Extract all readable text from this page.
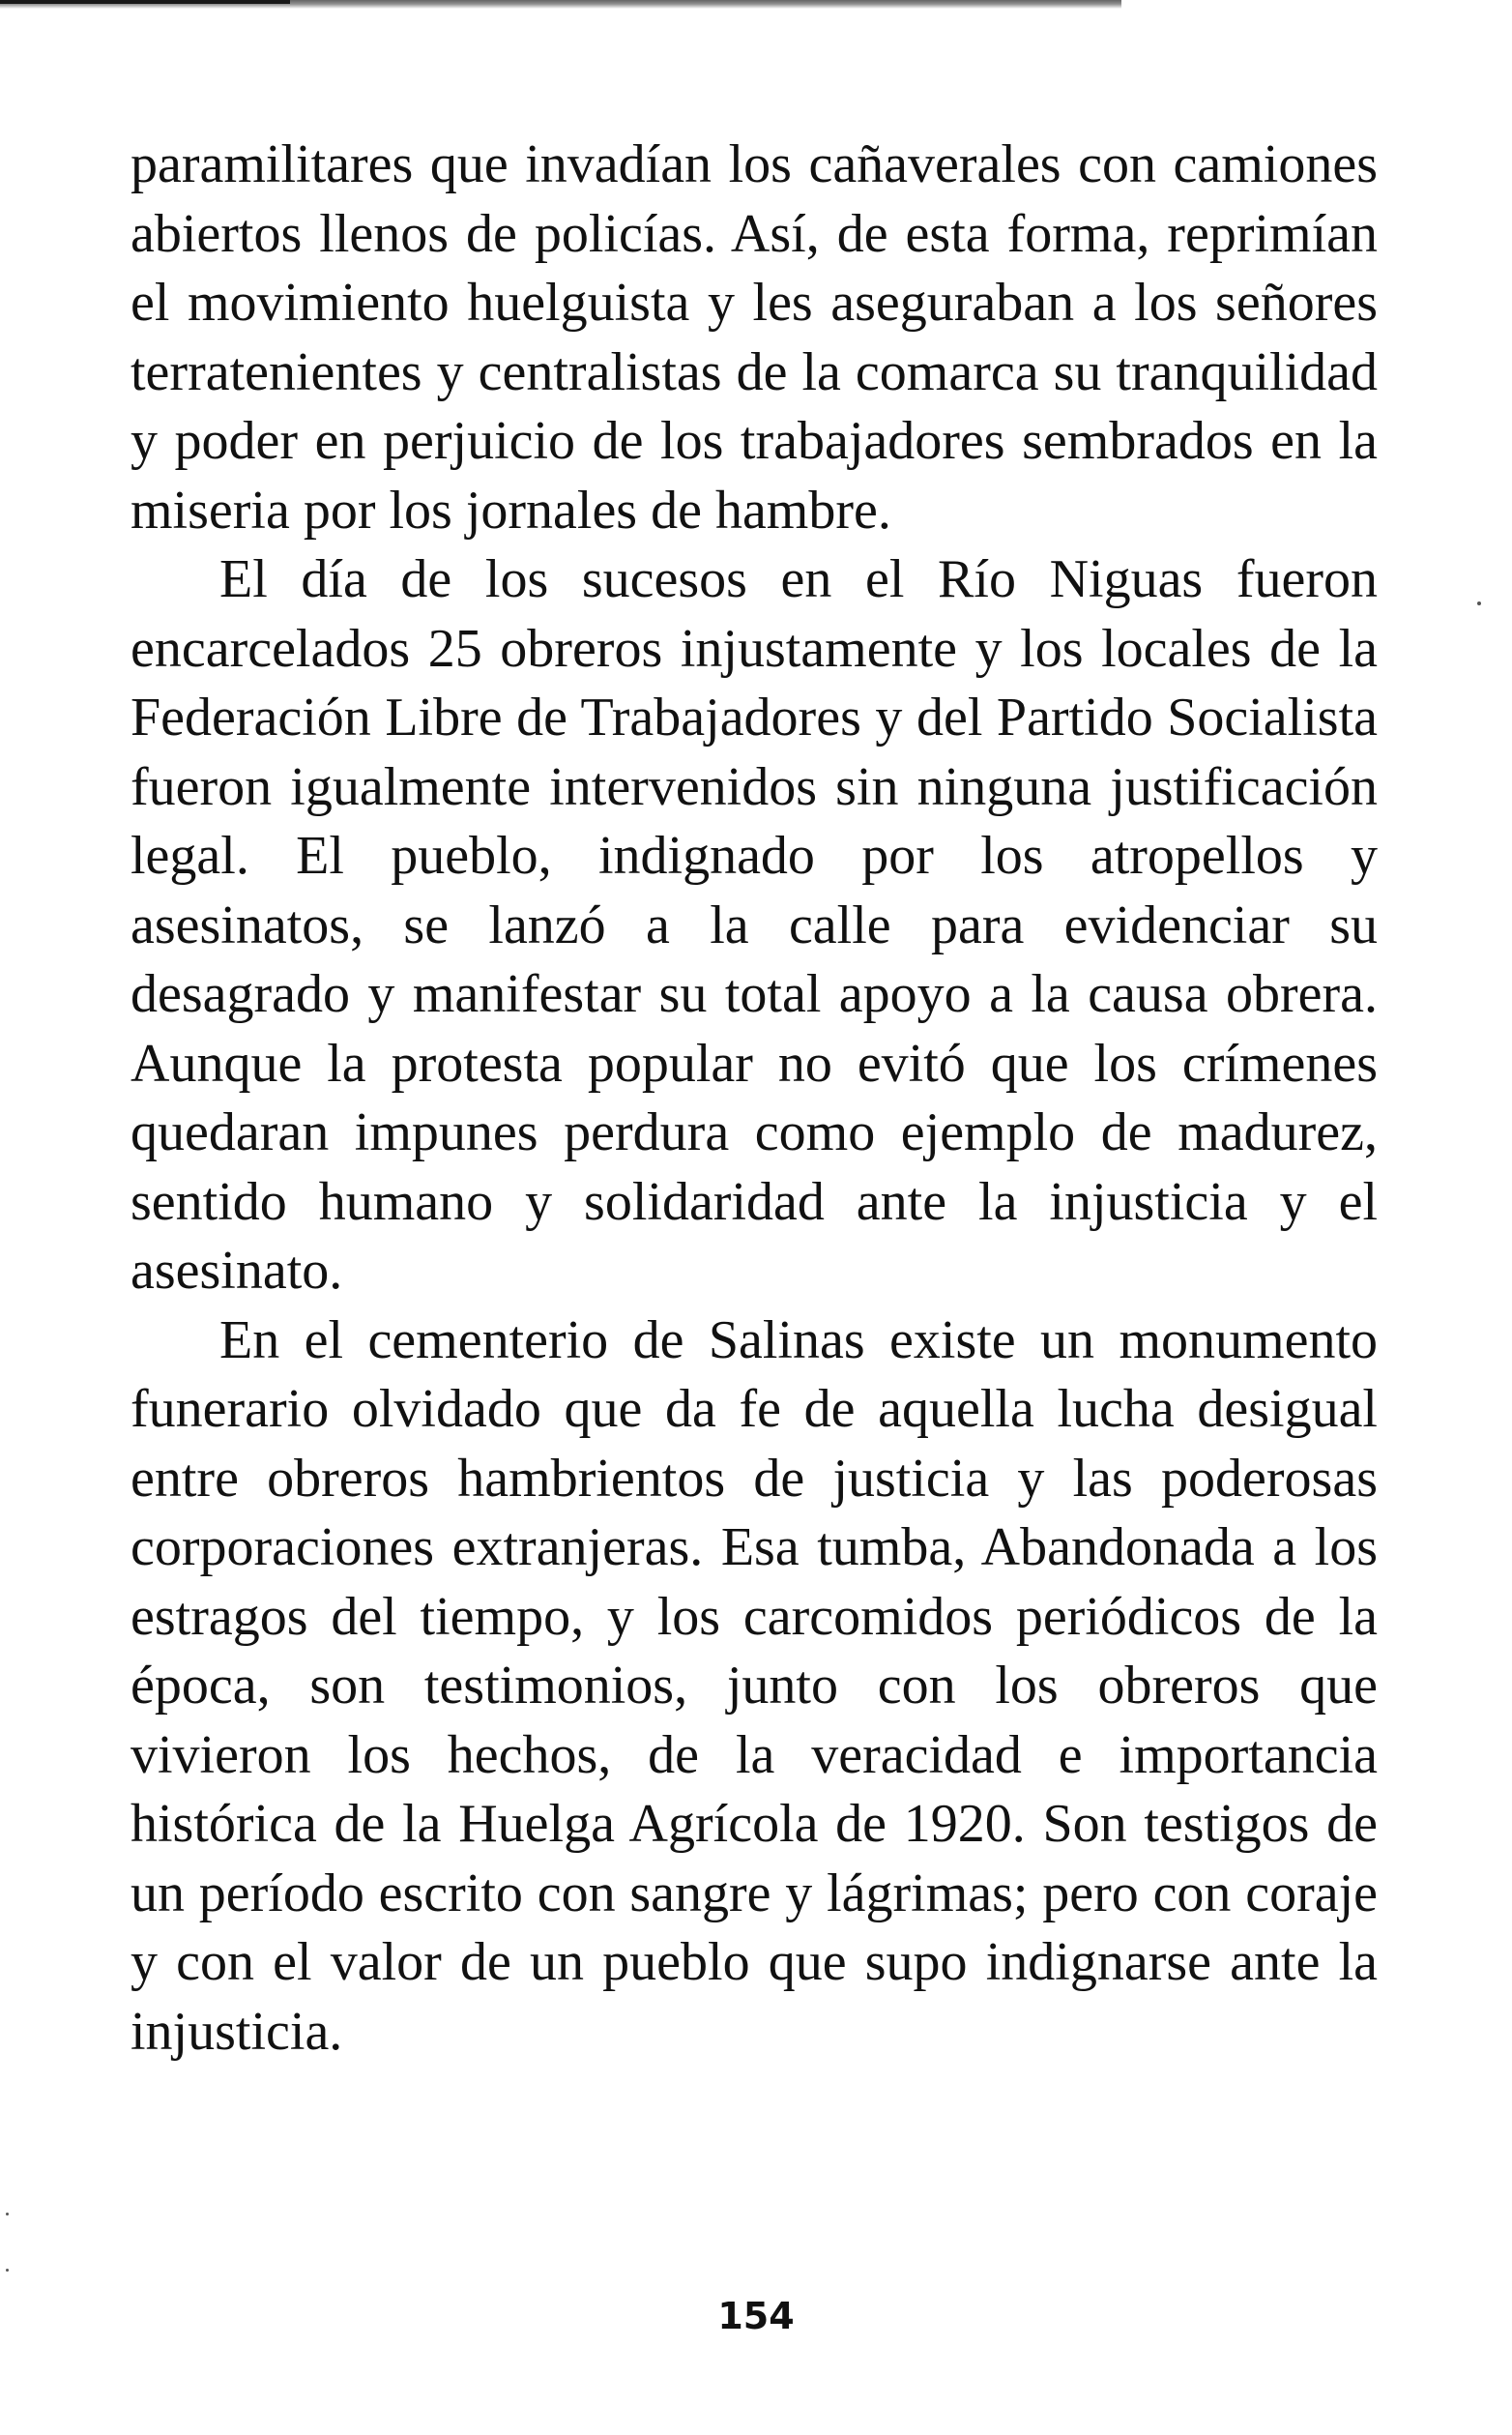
paramilitares que invadían los cañaverales con camiones abiertos llenos de policías. Así, de esta forma, reprimían el movimiento huelguista y les aseguraban a los señores terratenientes y centralistas de la comarca su tranquilidad y poder en perjuicio de los trabajadores sembrados en la miseria por los jornales de hambre.

El día de los sucesos en el Río Niguas fueron encarcelados 25 obreros injustamente y los locales de la Federación Libre de Trabajadores y del Partido Socialista fueron igualmente intervenidos sin ninguna justificación legal. El pueblo, indignado por los atropellos y asesinatos, se lanzó a la calle para evidenciar su desagrado y manifestar su total apoyo a la causa obrera. Aunque la protesta popular no evitó que los crímenes quedaran impunes perdura como ejemplo de madurez, sentido humano y solidaridad ante la injusticia y el asesinato.

En el cementerio de Salinas existe un monumento funerario olvidado que da fe de aquella lucha desigual entre obreros hambrientos de justicia y las poderosas corporaciones extranjeras. Esa tumba, Abandonada a los estragos del tiempo, y los carcomidos periódicos de la época, son testimonios, junto con los obreros que vivieron los hechos, de la veracidad e importancia histórica de la Huelga Agrícola de 1920. Son testigos de un período escrito con sangre y lágrimas; pero con coraje y con el valor de un pueblo que supo indignarse ante la injusticia.

154
